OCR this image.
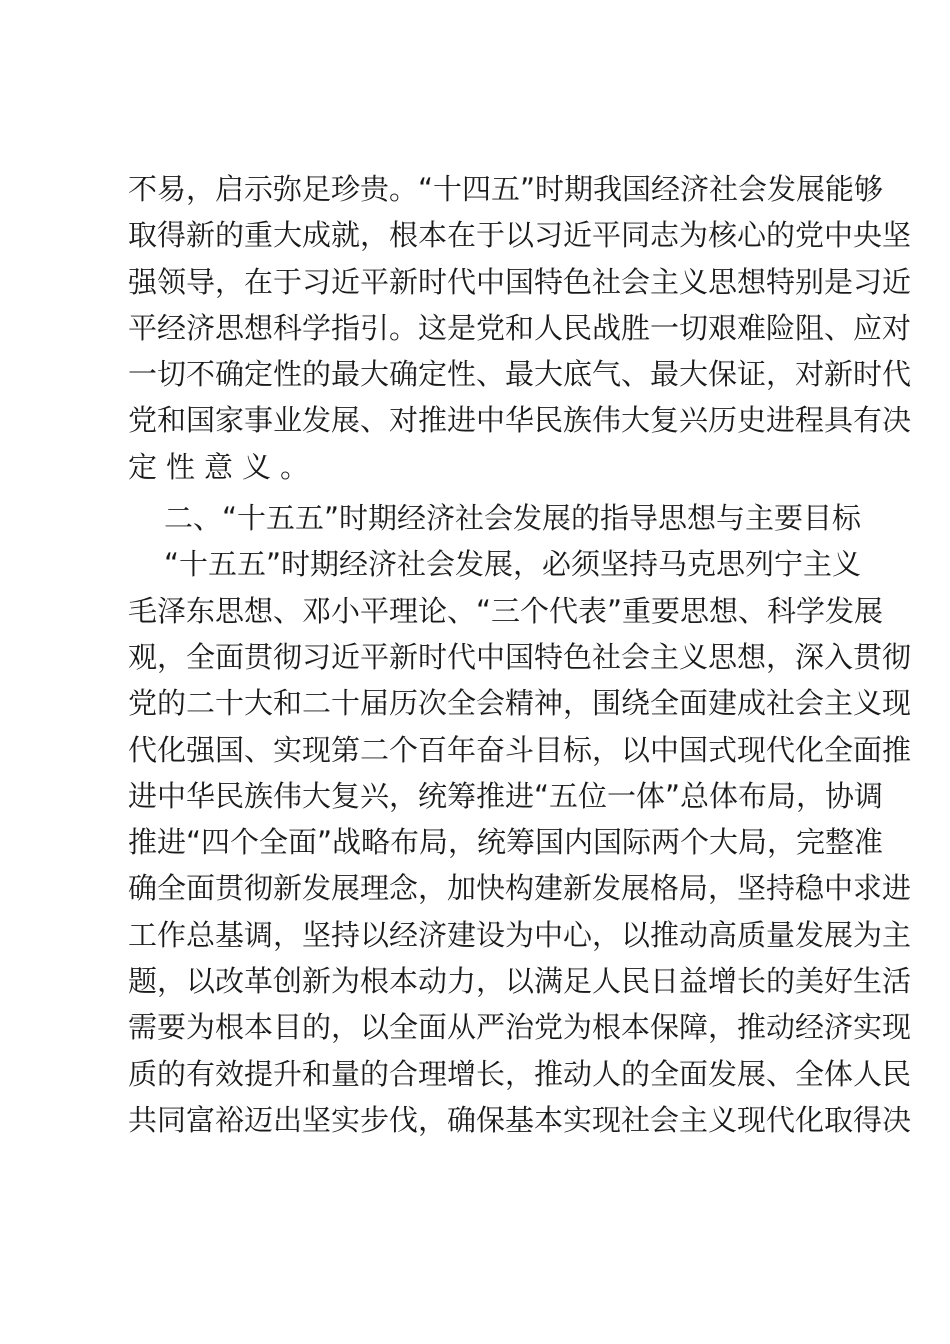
不易，启示弥足珍贵。“十四五”时期我国经济社会发展能够
取得新的重大成就，根本在于以习近平同志为核心的党中央坚
强领导，在于习近平新时代中国特色社会主义思想特别是习近
平经济思想科学指引。这是党和人民战胜一切艰难险阻、应对
一切不确定性的最大确定性、最大底气、最大保证，对新时代
党和国家事业发展、对推进中华民族伟大复兴历史进程具有决
定性意义。
二、“十五五”时期经济社会发展的指导思想与主要目标
“十五五”时期经济社会发展，必须坚持马克思列宁主义
毛泽东思想、邓小平理论、“三个代表”重要思想、科学发展
观，全面贯彻习近平新时代中国特色社会主义思想，深入贯彻
党的二十大和二十届历次全会精神，围绕全面建成社会主义现
代化强国、实现第二个百年奋斗目标，以中国式现代化全面推
进中华民族伟大复兴，统筹推进“五位一体”总体布局，协调
推进“四个全面”战略布局，统筹国内国际两个大局，完整准
确全面贯彻新发展理念，加快构建新发展格局，坚持稳中求进
工作总基调，坚持以经济建设为中心，以推动高质量发展为主
题，以改革创新为根本动力，以满足人民日益增长的美好生活
需要为根本目的，以全面从严治党为根本保障，推动经济实现
质的有效提升和量的合理增长，推动人的全面发展、全体人民
共同富裕迈出坚实步伐，确保基本实现社会主义现代化取得决
